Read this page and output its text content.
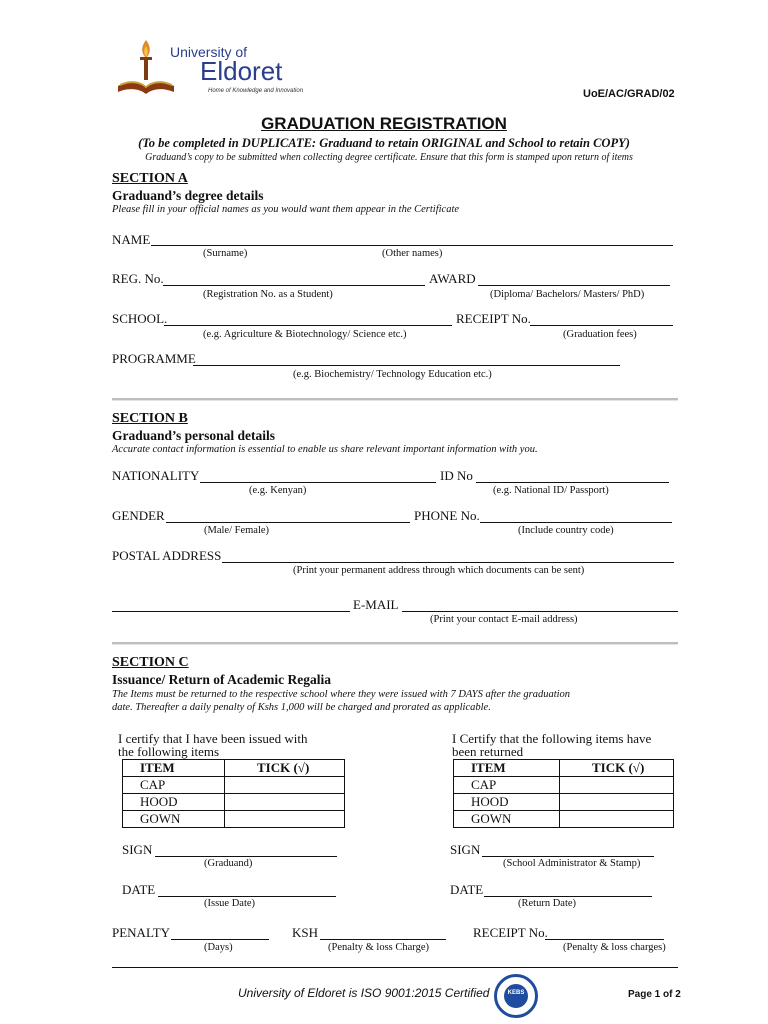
University of
Eldoret
Home of Knowledge and Innovation	UoE/AC/GRAD/02
GRADUATION REGISTRATION
(To be completed in DUPLICATE: Graduand to retain ORIGINAL and School to retain COPY)
Graduand’s copy to be submitted when collecting degree certificate. Ensure that this form is stamped upon return of items
SECTION A
Graduand’s degree details
Please fill in your official names as you would want them appear in the Certificate
NAME
(Surname)	(Other names)
REG. No.
(Registration No. as a Student)
AWARD
(Diploma/ Bachelors/ Masters/ PhD)
SCHOOL.
(e.g. Agriculture & Biotechnology/ Science etc.)
RECEIPT No.
(Graduation fees)
PROGRAMME
(e.g. Biochemistry/ Technology Education etc.)
SECTION B
Graduand’s personal details
Accurate contact information is essential to enable us share relevant important information with you.
NATIONALITY
(e.g. Kenyan)
ID No
(e.g. National ID/ Passport)
GENDER
(Male/ Female)
PHONE No.
(Include country code)
POSTAL ADDRESS
(Print your permanent address through which documents can be sent)
E-MAIL
(Print your contact E-mail address)
SECTION C
Issuance/ Return of Academic Regalia
The Items must be returned to the respective school where they were issued with 7 DAYS after the graduation
date. Thereafter a daily penalty of Kshs 1,000 will be charged and prorated as applicable.
I certify that I have been issued with
the following items
I Certify that the following items have
been returned
ITEM	TICK (√)
CAP	
HOOD	
GOWN	
ITEM	TICK (√)
CAP	
HOOD	
GOWN	
SIGN
(Graduand)
SIGN
(School Administrator & Stamp)
DATE
(Issue Date)
DATE
(Return Date)
PENALTY
(Days)
KSH
(Penalty & loss Charge)
RECEIPT No.
(Penalty & loss charges)
University of Eldoret is ISO 9001:2015 Certified	KEBS	Page 1 of 2
